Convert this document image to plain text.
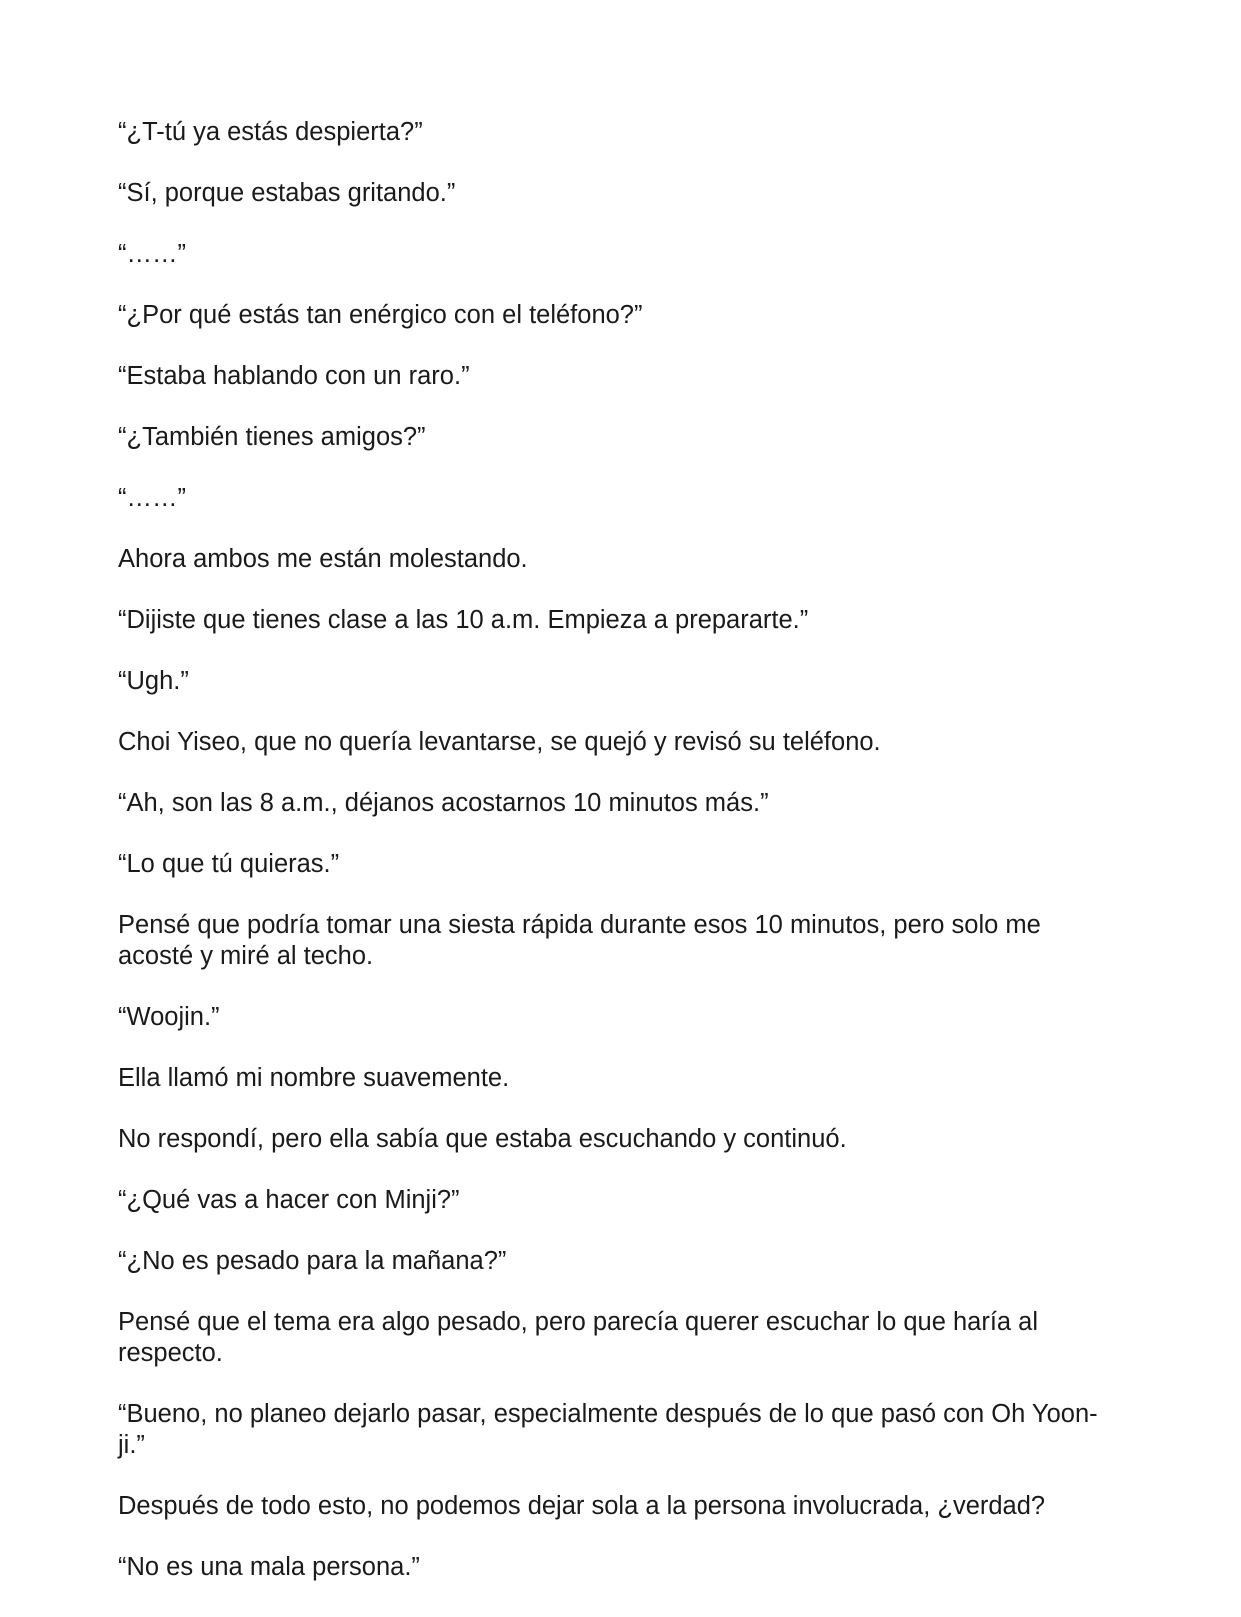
“¿T-tú ya estás despierta?”

“Sí, porque estabas gritando.”

“……”

“¿Por qué estás tan enérgico con el teléfono?”

“Estaba hablando con un raro.”

“¿También tienes amigos?”

“……”

Ahora ambos me están molestando.

“Dijiste que tienes clase a las 10 a.m. Empieza a prepararte.”

“Ugh.”

Choi Yiseo, que no quería levantarse, se quejó y revisó su teléfono.

“Ah, son las 8 a.m., déjanos acostarnos 10 minutos más.”

“Lo que tú quieras.”

Pensé que podría tomar una siesta rápida durante esos 10 minutos, pero solo me acosté y miré al techo.

“Woojin.”

Ella llamó mi nombre suavemente.

No respondí, pero ella sabía que estaba escuchando y continuó.

“¿Qué vas a hacer con Minji?”

“¿No es pesado para la mañana?”

Pensé que el tema era algo pesado, pero parecía querer escuchar lo que haría al respecto.

“Bueno, no planeo dejarlo pasar, especialmente después de lo que pasó con Oh Yoon-ji.”

Después de todo esto, no podemos dejar sola a la persona involucrada, ¿verdad?

“No es una mala persona.”
